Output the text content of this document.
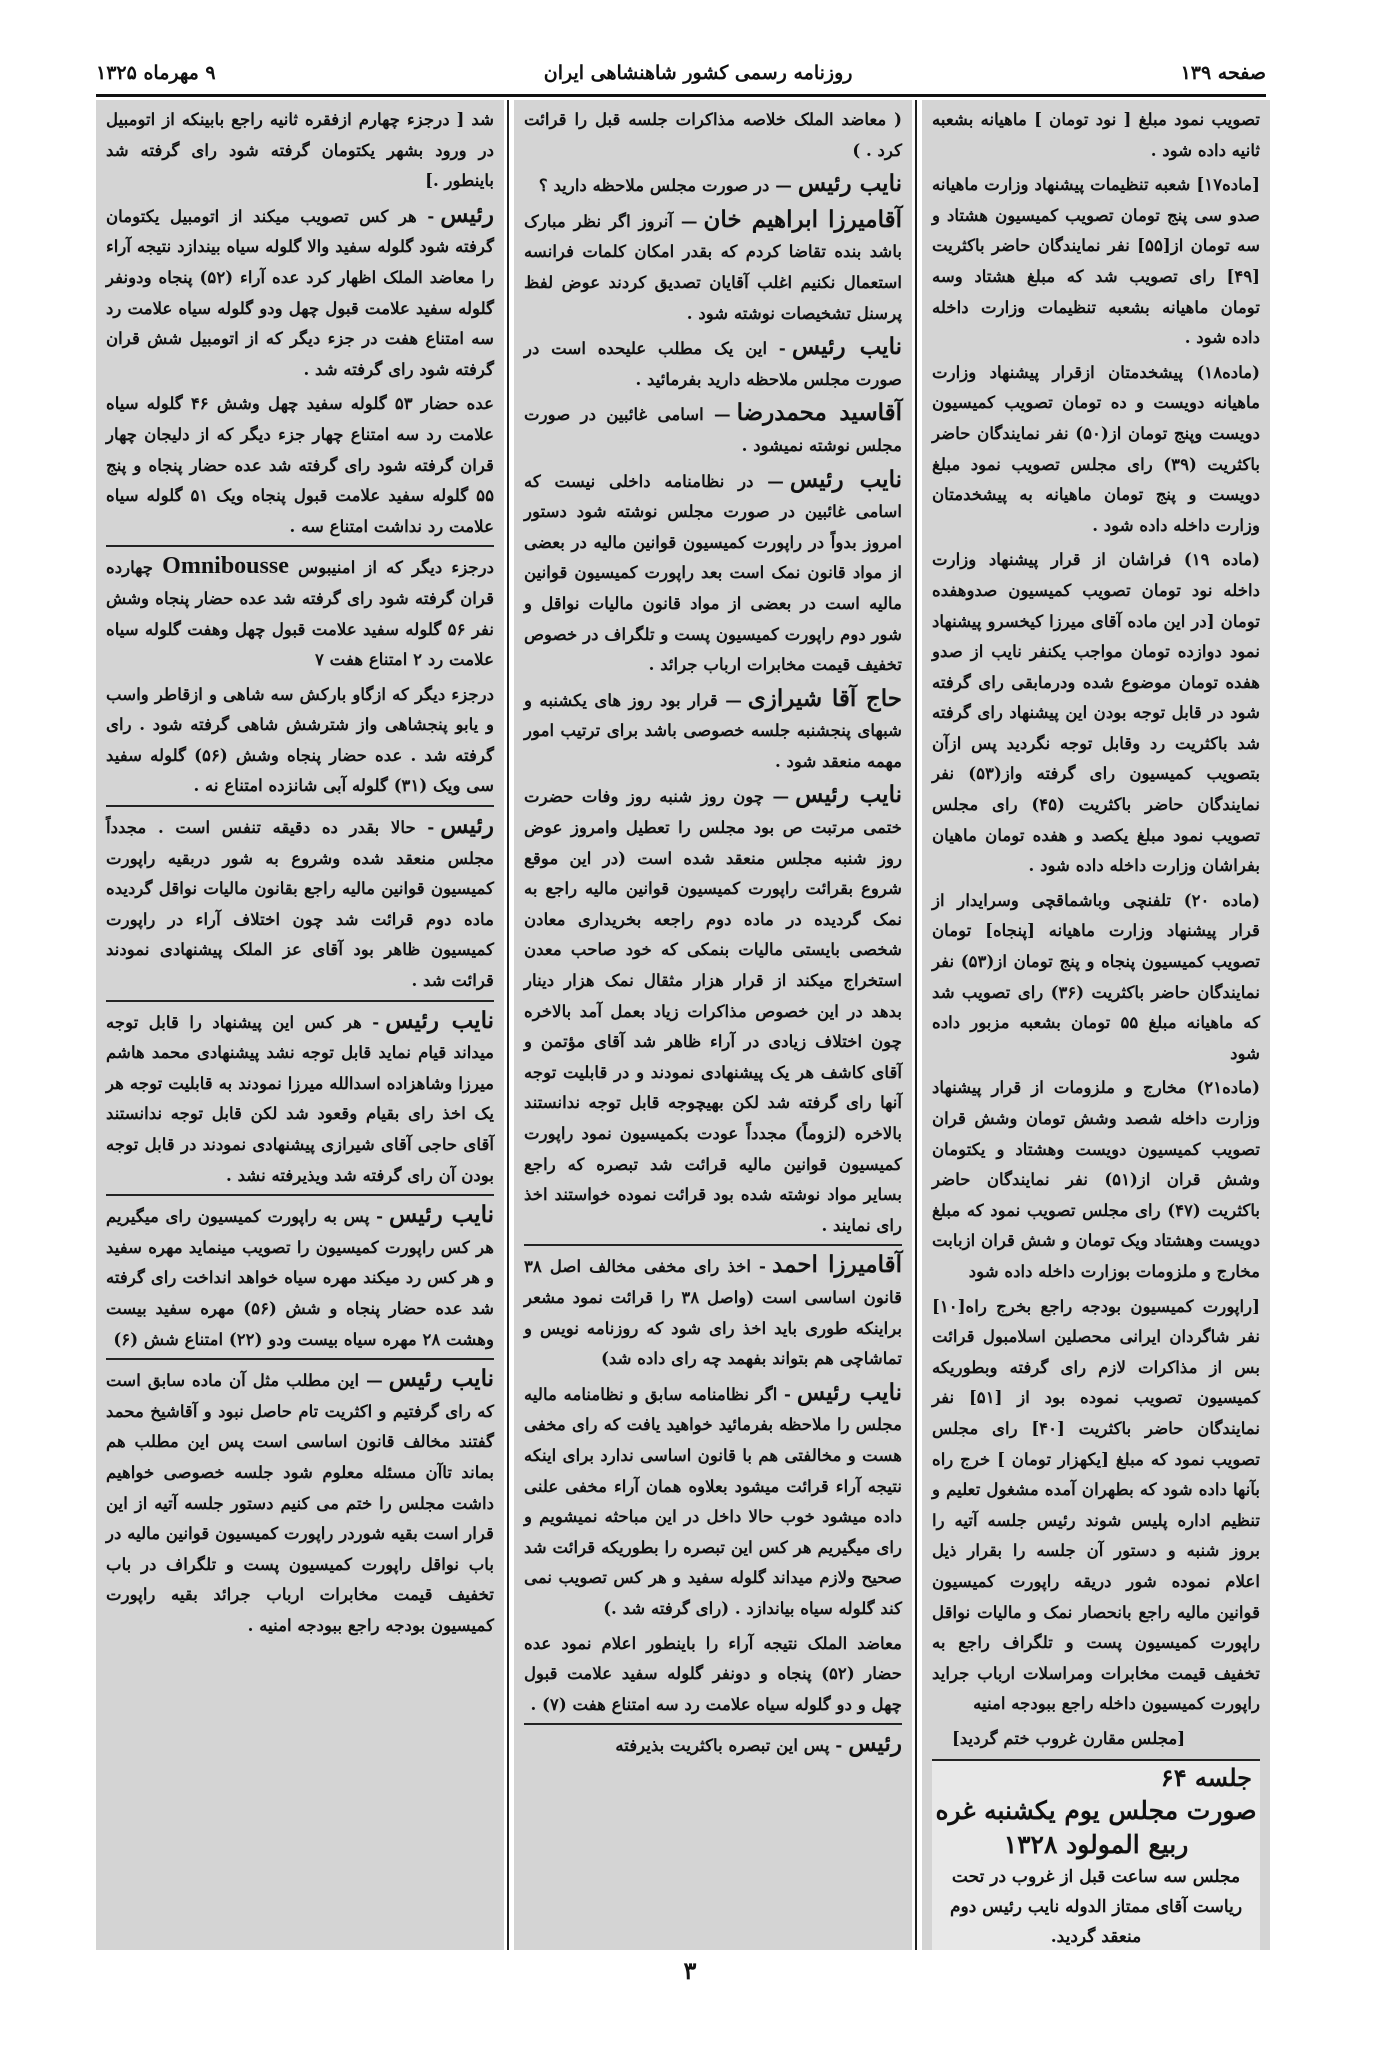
صفحه ۱۳۹
روزنامه رسمی کشور شاهنشاهی ایران
۹ مهرماه ۱۳۲۵
تصویب نمود مبلغ [ نود تومان ] ماهیانه بشعبه ثانیه داده شود .
[ماده۱۷] شعبه تنظیمات پیشنهاد وزارت ماهیانه صدو سی پنج تومان تصویب کمیسیون هشتاد و سه تومان از[۵۵] نفر نمایندگان حاضر باکثریت [۴۹] رای تصویب شد که مبلغ هشتاد وسه تومان ماهیانه بشعبه تنظیمات وزارت داخله داده شود .
(ماده۱۸) پیشخدمتان ازقرار پیشنهاد وزارت ماهیانه دویست و ده تومان تصویب کمیسیون دویست وپنج تومان از(۵۰) نفر نمایندگان حاضر باکثریت (۳۹) رای مجلس تصویب نمود مبلغ دویست و پنج تومان ماهیانه به پیشخدمتان وزارت داخله داده شود .
(ماده ۱۹) فراشان از قرار پیشنهاد وزارت داخله نود تومان تصویب کمیسیون صدوهفده تومان [در این ماده آقای میرزا کیخسرو پیشنهاد نمود دوازده تومان مواجب یکنفر نایب از صدو هفده تومان موضوع شده ودرمابقی رای گرفته شود در قابل توجه بودن این پیشنهاد رای گرفته شد باکثریت رد وقابل توجه نگردید پس ازآن بتصویب کمیسیون رای گرفته واز(۵۳) نفر نمایندگان حاضر باکثریت (۴۵) رای مجلس تصویب نمود مبلغ یکصد و هفده تومان ماهیان بفراشان وزارت داخله داده شود .
(ماده ۲۰) تلفنچی وباشماقچی وسرایدار از قرار پیشنهاد وزارت ماهیانه [پنجاه] تومان تصویب کمیسیون پنجاه و پنج تومان از(۵۳) نفر نمایندگان حاضر باکثریت (۳۶) رای تصویب شد که ماهیانه مبلغ ۵۵ تومان بشعبه مزبور داده شود
(ماده۲۱) مخارج و ملزومات از قرار پیشنهاد وزارت داخله شصد وشش تومان وشش قران تصویب کمیسیون دویست وهشتاد و یکتومان وشش قران از(۵۱) نفر نمایندگان حاضر باکثریت (۴۷) رای مجلس تصویب نمود که مبلغ دویست وهشتاد ویک تومان و شش قران ازبابت مخارج و ملزومات بوزارت داخله داده شود
[راپورت کمیسیون بودجه راجع بخرج راه[۱۰] نفر شاگردان ایرانی محصلین اسلامبول قرائت بس از مذاکرات لازم رای گرفته وبطوریکه کمیسیون تصویب نموده بود از [۵۱] نفر نمایندگان حاضر باکثریت [۴۰] رای مجلس تصویب نمود که مبلغ [یکهزار تومان ] خرج راه بآنها داده شود که بطهران آمده مشغول تعلیم و تنظیم اداره پلیس شوند رئیس جلسه آتیه را بروز شنبه و دستور آن جلسه را بقرار ذیل اعلام نموده شور دریقه راپورت کمیسیون قوانین مالیه راجع بانحصار نمک و مالیات نواقل راپورت کمیسیون پست و تلگراف راجع به تخفیف قیمت مخابرات ومراسلات ارباب جراید راپورت کمیسیون داخله راجع ببودجه امنیه
[مجلس مقارن غروب ختم گردید]
جلسه ۶۴
صورت مجلس یوم یکشنبه غره
ربیع المولود ۱۳۲۸
مجلس سه ساعت قبل از غروب در تحت ریاست آقای ممتاز الدوله نایب رئیس دوم منعقد گردید.
( معاضد الملک خلاصه مذاکرات جلسه قبل را قرائت کرد . )
نایب رئیس— در صورت مجلس ملاحظه دارید ؟
آقامیرزا ابراهیم خان— آنروز اگر نظر مبارک باشد بنده تقاضا کردم که بقدر امکان کلمات فرانسه استعمال نکنیم اغلب آقایان تصدیق کردند عوض لفظ پرسنل تشخیصات نوشته شود .
نایب رئیس- این یک مطلب علیحده است در صورت مجلس ملاحظه دارید بفرمائید .
آقاسید محمدرضا— اسامی غائبین در صورت مجلس نوشته نمیشود .
نایب رئیس— در نظامنامه داخلی نیست که اسامی غائبین در صورت مجلس نوشته شود دستور امروز بدواً در راپورت کمیسیون قوانین مالیه در بعضی از مواد قانون نمک است بعد راپورت کمیسیون قوانین مالیه است در بعضی از مواد قانون مالیات نواقل و شور دوم راپورت کمیسیون پست و تلگراف در خصوص تخفیف قیمت مخابرات ارباب جرائد .
حاج آقا شیرازی— قرار بود روز های یکشنبه و شبهای پنجشنبه جلسه خصوصی باشد برای ترتیب امور مهمه منعقد شود .
نایب رئیس— چون روز شنبه روز وفات حضرت ختمی مرتبت ص بود مجلس را تعطیل وامروز عوض روز شنبه مجلس منعقد شده است (در این موقع شروع بقرائت راپورت کمیسیون قوانین مالیه راجع به نمک گردیده در ماده دوم راجعه بخریداری معادن شخصی بایستی مالیات بنمکی که خود صاحب معدن استخراج میکند از قرار هزار مثقال نمک هزار دینار بدهد در این خصوص مذاکرات زیاد بعمل آمد بالاخره چون اختلاف زیادی در آراء ظاهر شد آقای مؤتمن و آقای کاشف هر یک پیشنهادی نمودند و در قابلیت توجه آنها رای گرفته شد لکن بهیچوجه قابل توجه ندانستند بالاخره (لزوماً) مجدداً عودت بکمیسیون نمود راپورت کمیسیون قوانین مالیه قرائت شد تبصره که راجع بسایر مواد نوشته شده بود قرائت نموده خواستند اخذ رای نمایند .
آقامیرزا احمد- اخذ رای مخفی مخالف اصل ۳۸ قانون اساسی است (واصل ۳۸ را قرائت نمود مشعر براینکه طوری باید اخذ رای شود که روزنامه نویس و تماشاچی هم بتواند بفهمد چه رای داده شد)
نایب رئیس- اگر نظامنامه سابق و نظامنامه مالیه مجلس را ملاحظه بفرمائید خواهید یافت که رای مخفی هست و مخالفتی هم با قانون اساسی ندارد برای اینکه نتیجه آراء قرائت میشود بعلاوه همان آراء مخفی علنی داده میشود خوب حالا داخل در این مباحثه نمیشویم و رای میگیریم هر کس این تبصره را بطوریکه قرائت شد صحیح ولازم میداند گلوله سفید و هر کس تصویب نمی کند گلوله سیاه بیاندازد . (رای گرفته شد .)
معاضد الملک نتیجه آراء را باینطور اعلام نمود عده حضار (۵۲) پنجاه و دونفر گلوله سفید علامت قبول چهل و دو گلوله سیاه علامت رد سه امتناع هفت (۷) .
رئیس- پس این تبصره باکثریت بذیرفته
شد [ درجزء چهارم ازفقره ثانیه راجع بابینکه از اتومبیل در ورود بشهر یکتومان گرفته شود رای گرفته شد باینطور .]
رئیس- هر کس تصویب میکند از اتومبیل یکتومان گرفته شود گلوله سفید والا گلوله سیاه بیندازد نتیجه آراء را معاضد الملک اظهار کرد عده آراء (۵۲) پنجاه ودونفر گلوله سفید علامت قبول چهل ودو گلوله سیاه علامت رد سه امتناع هفت در جزء دیگر که از اتومبیل شش قران گرفته شود رای گرفته شد .
عده حضار ۵۳ گلوله سفید چهل وشش ۴۶ گلوله سیاه علامت رد سه امتناع چهار جزء دیگر که از دلیجان چهار قران گرفته شود رای گرفته شد عده حضار پنجاه و پنج ۵۵ گلوله سفید علامت قبول پنجاه ویک ۵۱ گلوله سیاه علامت رد نداشت امتناع سه .
درجزء دیگر که از امنیبوس Omnibousse چهارده قران گرفته شود رای گرفته شد عده حضار پنجاه وشش نفر ۵۶ گلوله سفید علامت قبول چهل وهفت گلوله سیاه علامت رد ۲ امتناع هفت ۷
درجزء دیگر که ازگاو بارکش سه شاهی و ازقاطر واسب و یابو پنجشاهی واز شترشش شاهی گرفته شود . رای گرفته شد . عده حضار پنجاه وشش (۵۶) گلوله سفید سی ویک (۳۱) گلوله آبی شانزده امتناع نه .
رئیس- حالا بقدر ده دقیقه تنفس است . مجدداً مجلس منعقد شده وشروع به شور دربقیه راپورت کمیسیون قوانین مالیه راجع بقانون مالیات نواقل گردیده ماده دوم قرائت شد چون اختلاف آراء در راپورت کمیسیون ظاهر بود آقای عز الملک پیشنهادی نمودند قرائت شد .
نایب رئیس- هر کس این پیشنهاد را قابل توجه میداند قیام نماید قابل توجه نشد پیشنهادی محمد هاشم میرزا وشاهزاده اسدالله میرزا نمودند به قابلیت توجه هر یک اخذ رای بقیام وقعود شد لکن قابل توجه ندانستند آقای حاجی آقای شیرازی پیشنهادی نمودند در قابل توجه بودن آن رای گرفته شد ویذیرفته نشد .
نایب رئیس- پس به راپورت کمیسیون رای میگیریم هر کس راپورت کمیسیون را تصویب مینماید مهره سفید و هر کس رد میکند مهره سیاه خواهد انداخت رای گرفته شد عده حضار پنجاه و شش (۵۶) مهره سفید بیست وهشت ۲۸ مهره سیاه بیست ودو (۲۲) امتناع شش (۶)
نایب رئیس— این مطلب مثل آن ماده سابق است که رای گرفتیم و اکثریت تام حاصل نبود و آقاشیخ محمد گفتند مخالف قانون اساسی است پس این مطلب هم بماند تاآن مسئله معلوم شود جلسه خصوصی خواهیم داشت مجلس را ختم می کنیم دستور جلسه آتیه از این قرار است بقیه شوردر راپورت کمیسیون قوانین مالیه در باب نواقل راپورت کمیسیون پست و تلگراف در باب تخفیف قیمت مخابرات ارباب جرائد بقیه راپورت کمیسیون بودجه راجع ببودجه امنیه .
۳
